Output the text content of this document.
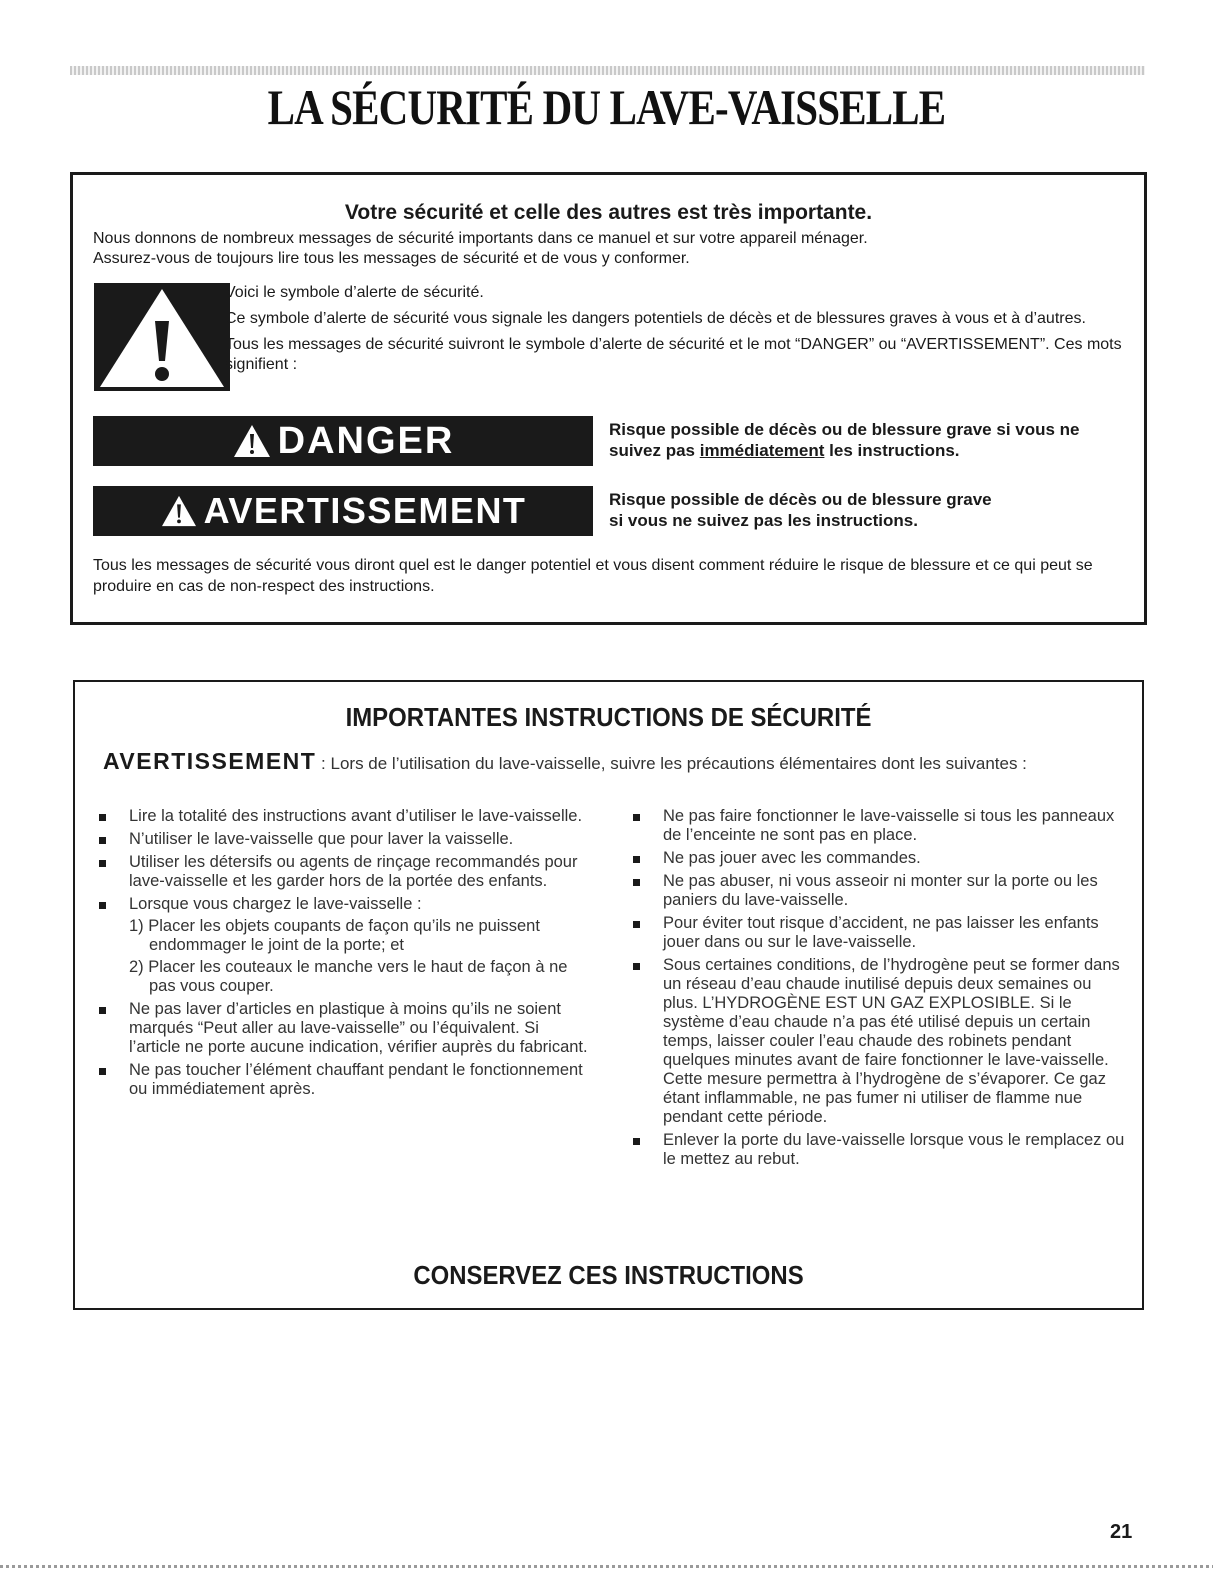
LA SÉCURITÉ DU LAVE-VAISSELLE
Votre sécurité et celle des autres est très importante.

Nous donnons de nombreux messages de sécurité importants dans ce manuel et sur votre appareil ménager.
Assurez-vous de toujours lire tous les messages de sécurité et de vous y conformer.

Voici le symbole d’alerte de sécurité.

Ce symbole d’alerte de sécurité vous signale les dangers potentiels de décès et de blessures graves à vous et à d’autres.

Tous les messages de sécurité suivront le symbole d’alerte de sécurité et le mot “DANGER” ou “AVERTISSEMENT”. Ces mots signifient :

DANGER	Risque possible de décès ou de blessure grave si vous ne suivez pas immédiatement les instructions.

AVERTISSEMENT	Risque possible de décès ou de blessure grave
si vous ne suivez pas les instructions.

Tous les messages de sécurité vous diront quel est le danger potentiel et vous disent comment réduire le risque de blessure et ce qui peut se produire en cas de non-respect des instructions.

IMPORTANTES INSTRUCTIONS DE SÉCURITÉ

AVERTISSEMENT : Lors de l’utilisation du lave-vaisselle, suivre les précautions élémentaires dont les suivantes :

Lire la totalité des instructions avant d’utiliser le lave-vaisselle.
N’utiliser le lave-vaisselle que pour laver la vaisselle.
Utiliser les détersifs ou agents de rinçage recommandés pour lave-vaisselle et les garder hors de la portée des enfants.
Lorsque vous chargez le lave-vaisselle :
1) Placer les objets coupants de façon qu’ils ne puissent endommager le joint de la porte; et
2) Placer les couteaux le manche vers le haut de façon à ne pas vous couper.
Ne pas laver d’articles en plastique à moins qu’ils ne soient marqués “Peut aller au lave-vaisselle” ou l’équivalent. Si l’article ne porte aucune indication, vérifier auprès du fabricant.
Ne pas toucher l’élément chauffant pendant le fonctionnement ou immédiatement après.
Ne pas faire fonctionner le lave-vaisselle si tous les panneaux de l’enceinte ne sont pas en place.
Ne pas jouer avec les commandes.
Ne pas abuser, ni vous asseoir ni monter sur la porte ou les paniers du lave-vaisselle.
Pour éviter tout risque d’accident, ne pas laisser les enfants jouer dans ou sur le lave-vaisselle.
Sous certaines conditions, de l’hydrogène peut se former dans un réseau d’eau chaude inutilisé depuis deux semaines ou plus. L’HYDROGÈNE EST UN GAZ EXPLOSIBLE. Si le système d’eau chaude n’a pas été utilisé depuis un certain temps, laisser couler l’eau chaude des robinets pendant quelques minutes avant de faire fonctionner le lave-vaisselle. Cette mesure permettra à l’hydrogène de s’évaporer. Ce gaz étant inflammable, ne pas fumer ni utiliser de flamme nue pendant cette période.
Enlever la porte du lave-vaisselle lorsque vous le remplacez ou le mettez au rebut.
CONSERVEZ CES INSTRUCTIONS
21
